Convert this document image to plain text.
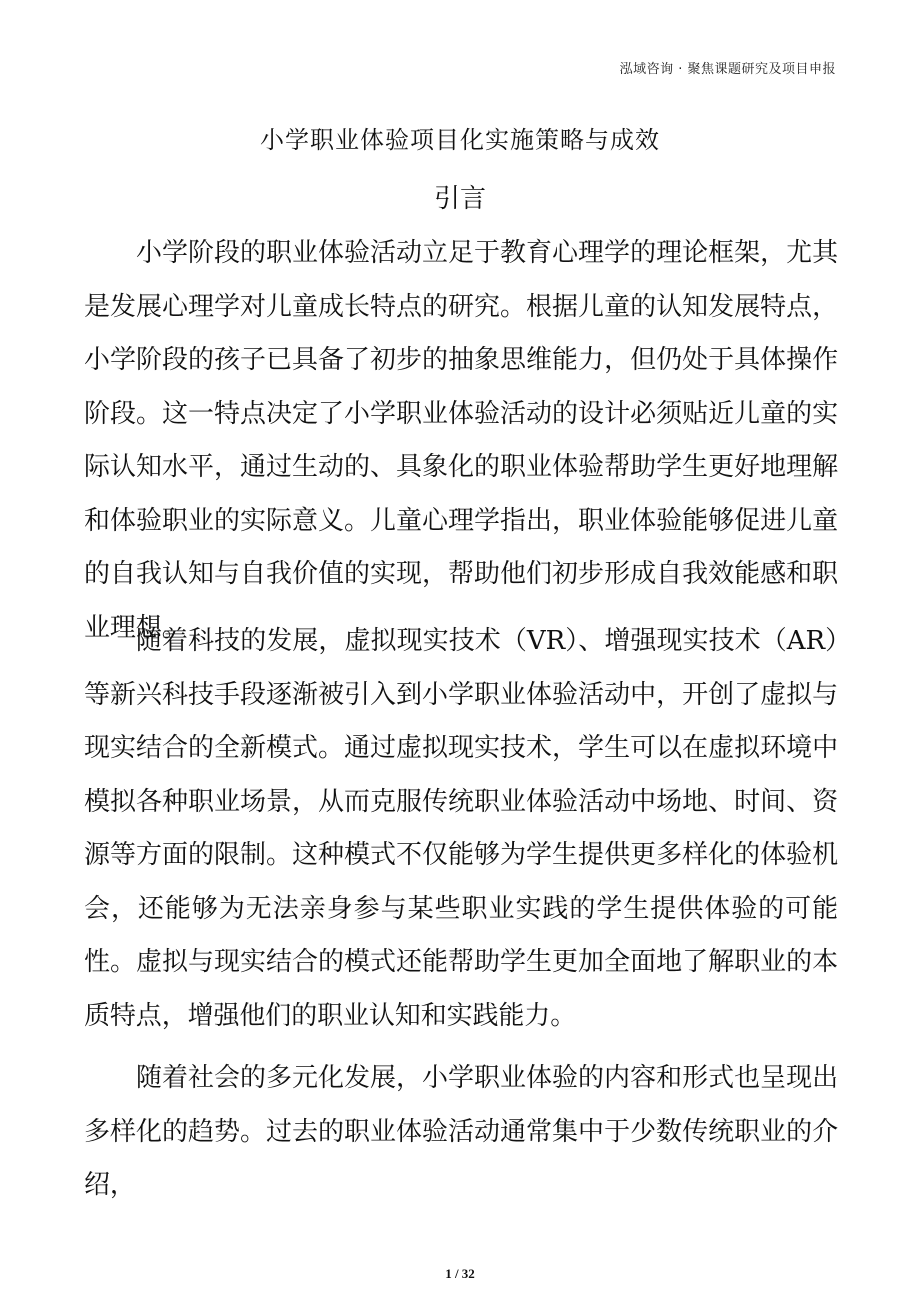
泓域咨询 · 聚焦课题研究及项目申报
小学职业体验项目化实施策略与成效
引言

小学阶段的职业体验活动立足于教育心理学的理论框架，尤其是发展心理学对儿童成长特点的研究。根据儿童的认知发展特点，小学阶段的孩子已具备了初步的抽象思维能力，但仍处于具体操作阶段。这一特点决定了小学职业体验活动的设计必须贴近儿童的实际认知水平，通过生动的、具象化的职业体验帮助学生更好地理解和体验职业的实际意义。儿童心理学指出，职业体验能够促进儿童的自我认知与自我价值的实现，帮助他们初步形成自我效能感和职业理想。

随着科技的发展，虚拟现实技术（VR）、增强现实技术（AR）等新兴科技手段逐渐被引入到小学职业体验活动中，开创了虚拟与现实结合的全新模式。通过虚拟现实技术，学生可以在虚拟环境中模拟各种职业场景，从而克服传统职业体验活动中场地、时间、资源等方面的限制。这种模式不仅能够为学生提供更多样化的体验机会，还能够为无法亲身参与某些职业实践的学生提供体验的可能性。虚拟与现实结合的模式还能帮助学生更加全面地了解职业的本质特点，增强他们的职业认知和实践能力。

随着社会的多元化发展，小学职业体验的内容和形式也呈现出多样化的趋势。过去的职业体验活动通常集中于少数传统职业的介绍，

1 / 32
